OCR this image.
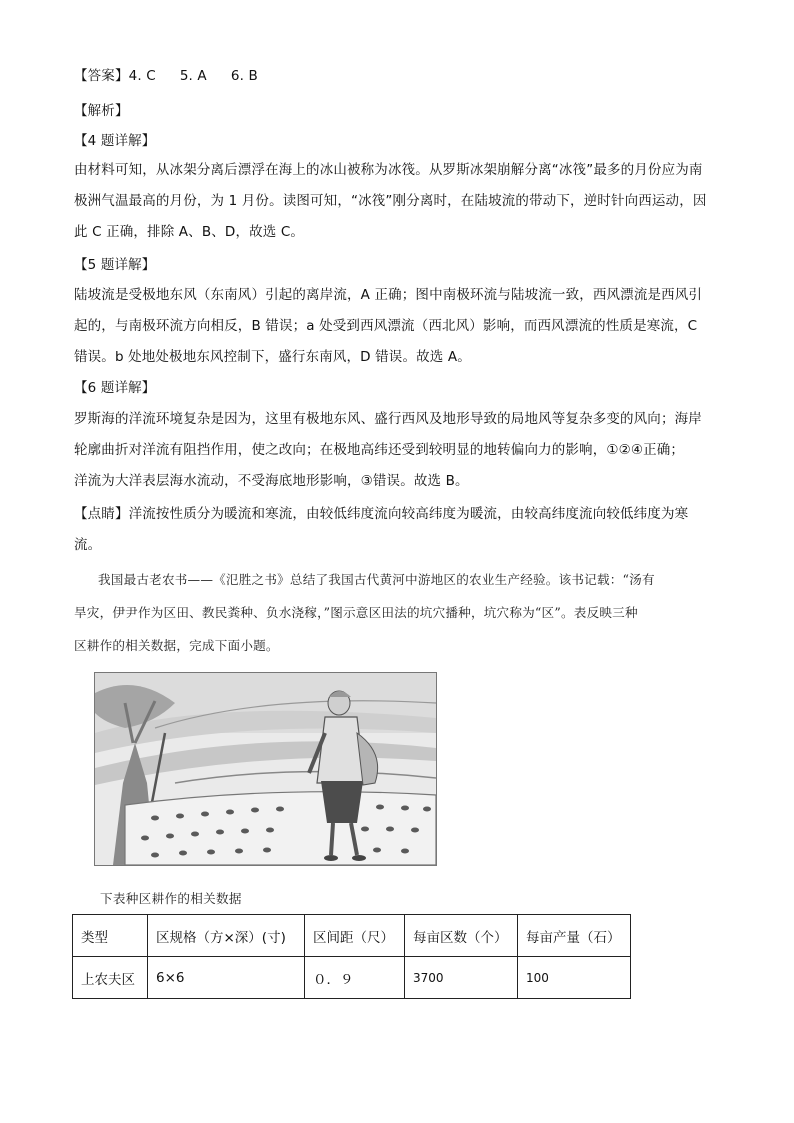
【答案】4. C 5. A 6. B
【解析】
【4 题详解】
由材料可知，从冰架分离后漂浮在海上的冰山被称为冰筏。从罗斯冰架崩解分离“冰筏”最多的月份应为南
极洲气温最高的月份，为 1 月份。读图可知，“冰筏”刚分离时，在陆坡流的带动下，逆时针向西运动，因
此 C 正确，排除 A、B、D，故选 C。
【5 题详解】
陆坡流是受极地东风（东南风）引起的离岸流，A 正确；图中南极环流与陆坡流一致，西风漂流是西风引
起的，与南极环流方向相反，B 错误；a 处受到西风漂流（西北风）影响，而西风漂流的性质是寒流，C
错误。b 处地处极地东风控制下，盛行东南风，D 错误。故选 A。
【6 题详解】
罗斯海的洋流环境复杂是因为，这里有极地东风、盛行西风及地形导致的局地风等复杂多变的风向；海岸
轮廓曲折对洋流有阻挡作用，使之改向；在极地高纬还受到较明显的地转偏向力的影响，①②④正确；
洋流为大洋表层海水流动，不受海底地形影响，③错误。故选 B。
【点睛】洋流按性质分为暖流和寒流，由较低纬度流向较高纬度为暖流，由较高纬度流向较低纬度为寒
流。
我国最古老农书——《氾胜之书》总结了我国古代黄河中游地区的农业生产经验。该书记载：“汤有
旱灾，伊尹作为区田、教民粪种、负水浇稼，”图示意区田法的坑穴播种，坑穴称为“区”。表反映三种
区耕作的相关数据，完成下面小题。
下表种区耕作的相关数据
类型	区规格（方×深）(寸)	区间距（尺）	每亩区数（个）	每亩产量（石）
上农夫区	6×6	０．９	3700	100
